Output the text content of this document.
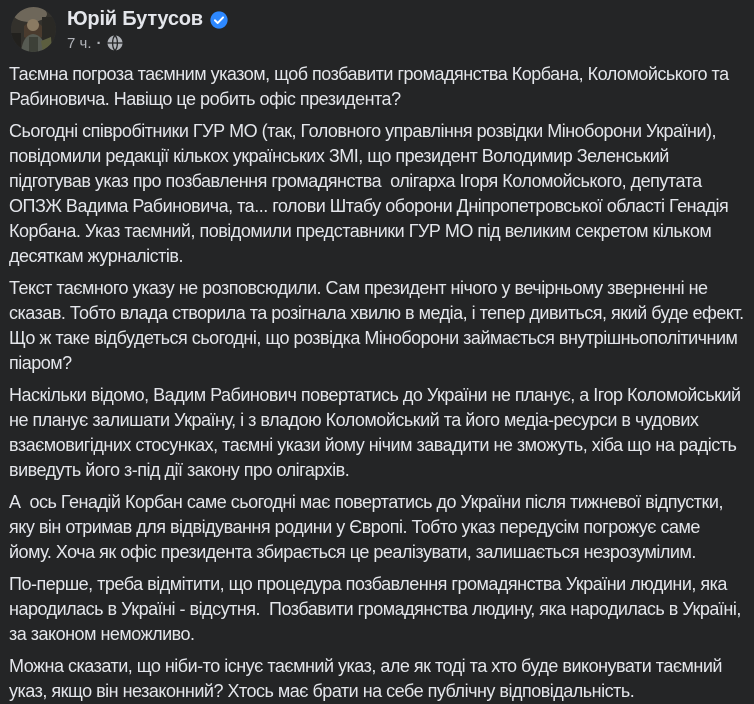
Юрій Бутусов
7 ч. ·
Таємна погроза таємним указом, щоб позбавити громадянства Корбана, Коломойського та Рабиновича. Навіщо це робить офіс президента?
Сьогодні співробітники ГУР МО (так, Головного управління розвідки Міноборони України), повідомили редакції кількох українських ЗМІ, що президент Володимир Зеленський підготував указ про позбавлення громадянства  олігарха Ігоря Коломойського, депутата ОПЗЖ Вадима Рабиновича, та... голови Штабу оборони Дніпропетровської області Генадія Корбана. Указ таємний, повідомили представники ГУР МО під великим секретом кільком десяткам журналістів.
Текст таємного указу не розповсюдили. Сам президент нічого у вечірньому зверненні не сказав. Тобто влада створила та розігнала хвилю в медіа, і тепер дивиться, який буде ефект. Що ж таке відбудеться сьогодні, що розвідка Міноборони займається внутрішньополітичним піаром?
Наскільки відомо, Вадим Рабинович повертатись до України не планує, а Ігор Коломойський не планує залишати Україну, і з владою Коломойський та його медіа-ресурси в чудових взаємовигідних стосунках, таємні укази йому нічим завадити не зможуть, хіба що на радість виведуть його з-під дії закону про олігархів.
А  ось Генадій Корбан саме сьогодні має повертатись до України після тижневої відпустки, яку він отримав для відвідування родини у Європі. Тобто указ передусім погрожує саме йому. Хоча як офіс президента збирається це реалізувати, залишається незрозумілим.
По-перше, треба відмітити, що процедура позбавлення громадянства України людини, яка народилась в Україні - відсутня.  Позбавити громадянства людину, яка народилась в Україні, за законом неможливо.
Можна сказати, що ніби-то існує таємний указ, але як тоді та хто буде виконувати таємний указ, якщо він незаконний? Хтось має брати на себе публічну відповідальність.
